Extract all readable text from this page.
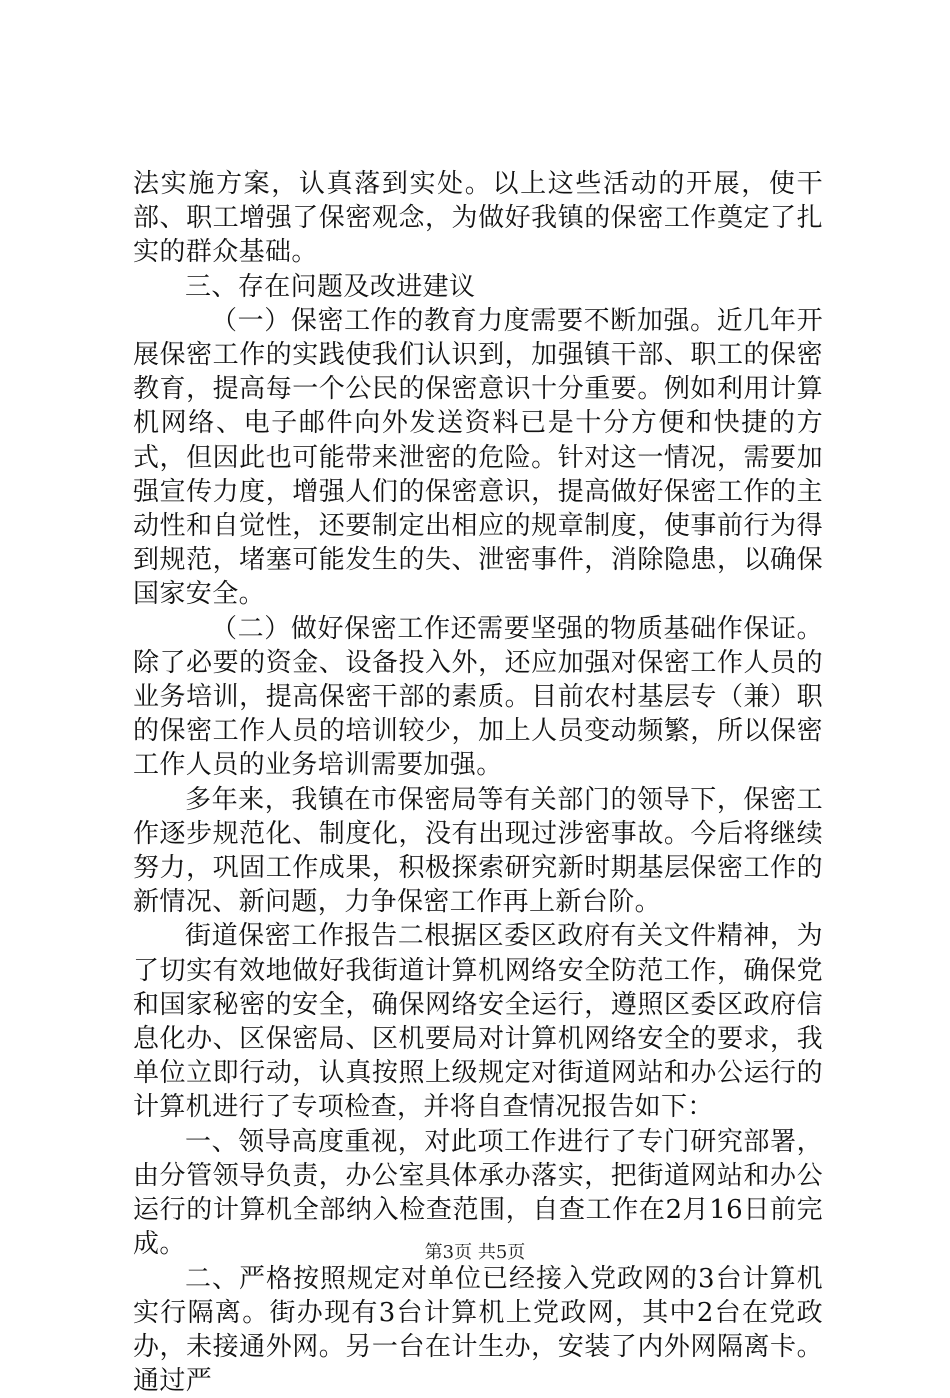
法实施方案，认真落到实处。以上这些活动的开展，使干部、职工增强了保密观念，为做好我镇的保密工作奠定了扎实的群众基础。

三、存在问题及改进建议

（一）保密工作的教育力度需要不断加强。近几年开展保密工作的实践使我们认识到，加强镇干部、职工的保密教育，提高每一个公民的保密意识十分重要。例如利用计算机网络、电子邮件向外发送资料已是十分方便和快捷的方式，但因此也可能带来泄密的危险。针对这一情况，需要加强宣传力度，增强人们的保密意识，提高做好保密工作的主动性和自觉性，还要制定出相应的规章制度，使事前行为得到规范，堵塞可能发生的失、泄密事件，消除隐患，以确保国家安全。

（二）做好保密工作还需要坚强的物质基础作保证。除了必要的资金、设备投入外，还应加强对保密工作人员的业务培训，提高保密干部的素质。目前农村基层专（兼）职的保密工作人员的培训较少，加上人员变动频繁，所以保密工作人员的业务培训需要加强。

多年来，我镇在市保密局等有关部门的领导下，保密工作逐步规范化、制度化，没有出现过涉密事故。今后将继续努力，巩固工作成果，积极探索研究新时期基层保密工作的新情况、新问题，力争保密工作再上新台阶。

街道保密工作报告二根据区委区政府有关文件精神，为了切实有效地做好我街道计算机网络安全防范工作，确保党和国家秘密的安全，确保网络安全运行，遵照区委区政府信息化办、区保密局、区机要局对计算机网络安全的要求，我单位立即行动，认真按照上级规定对街道网站和办公运行的计算机进行了专项检查，并将自查情况报告如下：

一、领导高度重视，对此项工作进行了专门研究部署，由分管领导负责，办公室具体承办落实，把街道网站和办公运行的计算机全部纳入检查范围，自查工作在2月16日前完成。

二、严格按照规定对单位已经接入党政网的3台计算机实行隔离。街办现有3台计算机上党政网，其中2台在党政办，未接通外网。另一台在计生办，安装了内外网隔离卡。通过严

第3页 共5页
